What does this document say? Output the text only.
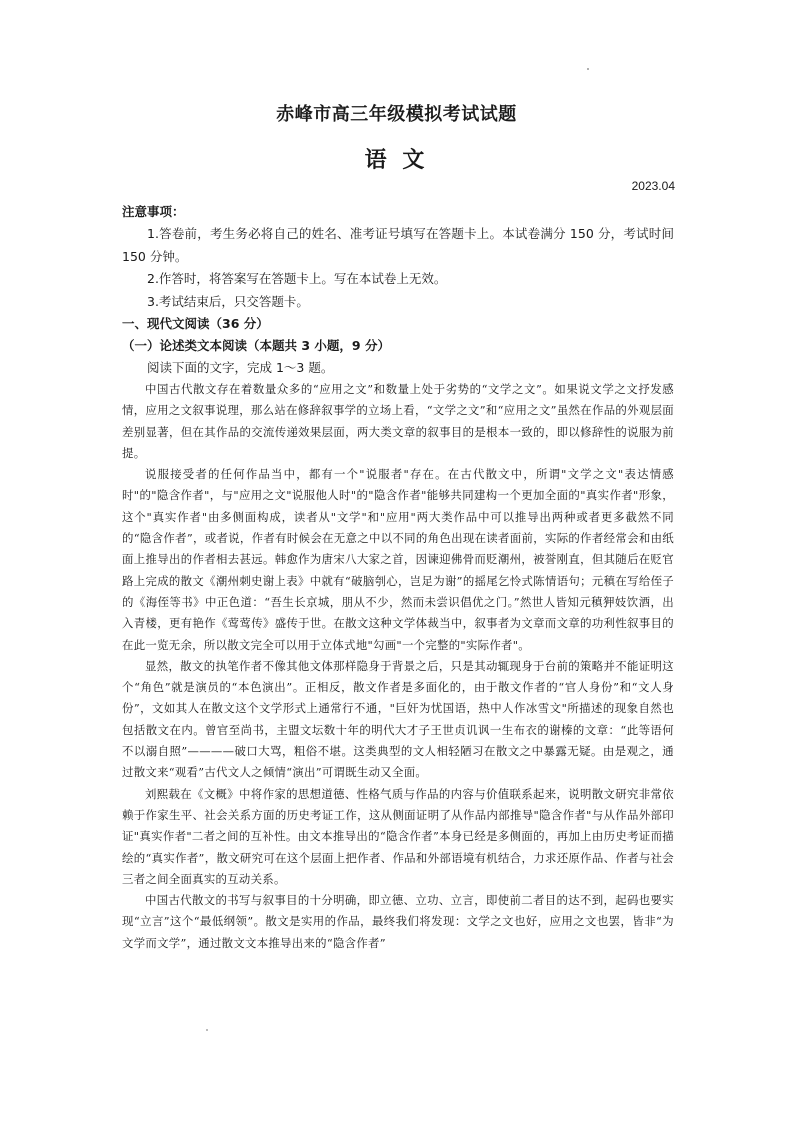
赤峰市高三年级模拟考试试题
语 文
2023.04

注意事项：

1.答卷前，考生务必将自己的姓名、准考证号填写在答题卡上。本试卷满分 150 分，考试时间 150 分钟。

2.作答时，将答案写在答题卡上。写在本试卷上无效。

3.考试结束后，只交答题卡。

一、现代文阅读（36 分）

（一）论述类文本阅读（本题共 3 小题，9 分）

阅读下面的文字，完成 1～3 题。

中国古代散文存在着数量众多的“应用之文”和数量上处于劣势的“文学之文”。如果说文学之文抒发感情，应用之文叙事说理，那么站在修辞叙事学的立场上看，“文学之文”和“应用之文”虽然在作品的外观层面差别显著，但在其作品的交流传递效果层面，两大类文章的叙事目的是根本一致的，即以修辞性的说服为前提。

说服接受者的任何作品当中，都有一个"说服者"存在。在古代散文中，所谓"文学之文"表达情感时"的"隐含作者"，与"应用之文"说服他人时"的"隐含作者"能够共同建构一个更加全面的"真实作者"形象，这个"真实作者"由多侧面构成，读者从"文学"和"应用"两大类作品中可以推导出两种或者更多截然不同的“隐含作者”，或者说，作者有时候会在无意之中以不同的角色出现在读者面前，实际的作者经常会和由纸面上推导出的作者相去甚远。韩愈作为唐宋八大家之首，因谏迎佛骨而贬潮州，被誉刚直，但其随后在贬官路上完成的散文《潮州刺史谢上表》中就有“破脑刳心，岂足为谢”的摇尾乞怜式陈情语句；元稹在写给侄子的《海侄等书》中正色道：“吾生长京城，朋从不少，然而未尝识倡优之门。”然世人皆知元稹狎妓饮酒，出入青楼，更有艳作《莺莺传》盛传于世。在散文这种文学体裁当中，叙事者为文章而文章的功利性叙事目的在此一览无余，所以散文完全可以用于立体式地"勾画"一个完整的"实际作者"。

显然，散文的执笔作者不像其他文体那样隐身于背景之后，只是其动辄现身于台前的策略并不能证明这个“角色”就是演员的“本色演出”。正相反，散文作者是多面化的，由于散文作者的“官人身份”和“文人身份”，文如其人在散文这个文学形式上通常行不通，"巨奸为忧国语，热中人作冰雪文"所描述的现象自然也包括散文在内。曾官至尚书，主盟文坛数十年的明代大才子王世贞讥讽一生布衣的谢榛的文章：“此等语何不以溺自照”————破口大骂，粗俗不堪。这类典型的文人相轻陋习在散文之中暴露无疑。由是观之，通过散文来“观看”古代文人之倾情“演出”可谓既生动又全面。

刘熙载在《文概》中将作家的思想道德、性格气质与作品的内容与价值联系起来，说明散文研究非常依赖于作家生平、社会关系方面的历史考证工作，这从侧面证明了从作品内部推导"隐含作者"与从作品外部印证"真实作者"二者之间的互补性。由文本推导出的“隐含作者”本身已经是多侧面的，再加上由历史考证而描绘的“真实作者”，散文研究可在这个层面上把作者、作品和外部语境有机结合，力求还原作品、作者与社会三者之间全面真实的互动关系。

中国古代散文的书写与叙事目的十分明确，即立德、立功、立言，即使前二者目的达不到，起码也要实现“立言”这个“最低纲领”。散文是实用的作品，最终我们将发现：文学之文也好，应用之文也罢，皆非“为文学而文学”，通过散文文本推导出来的“隐含作者”
